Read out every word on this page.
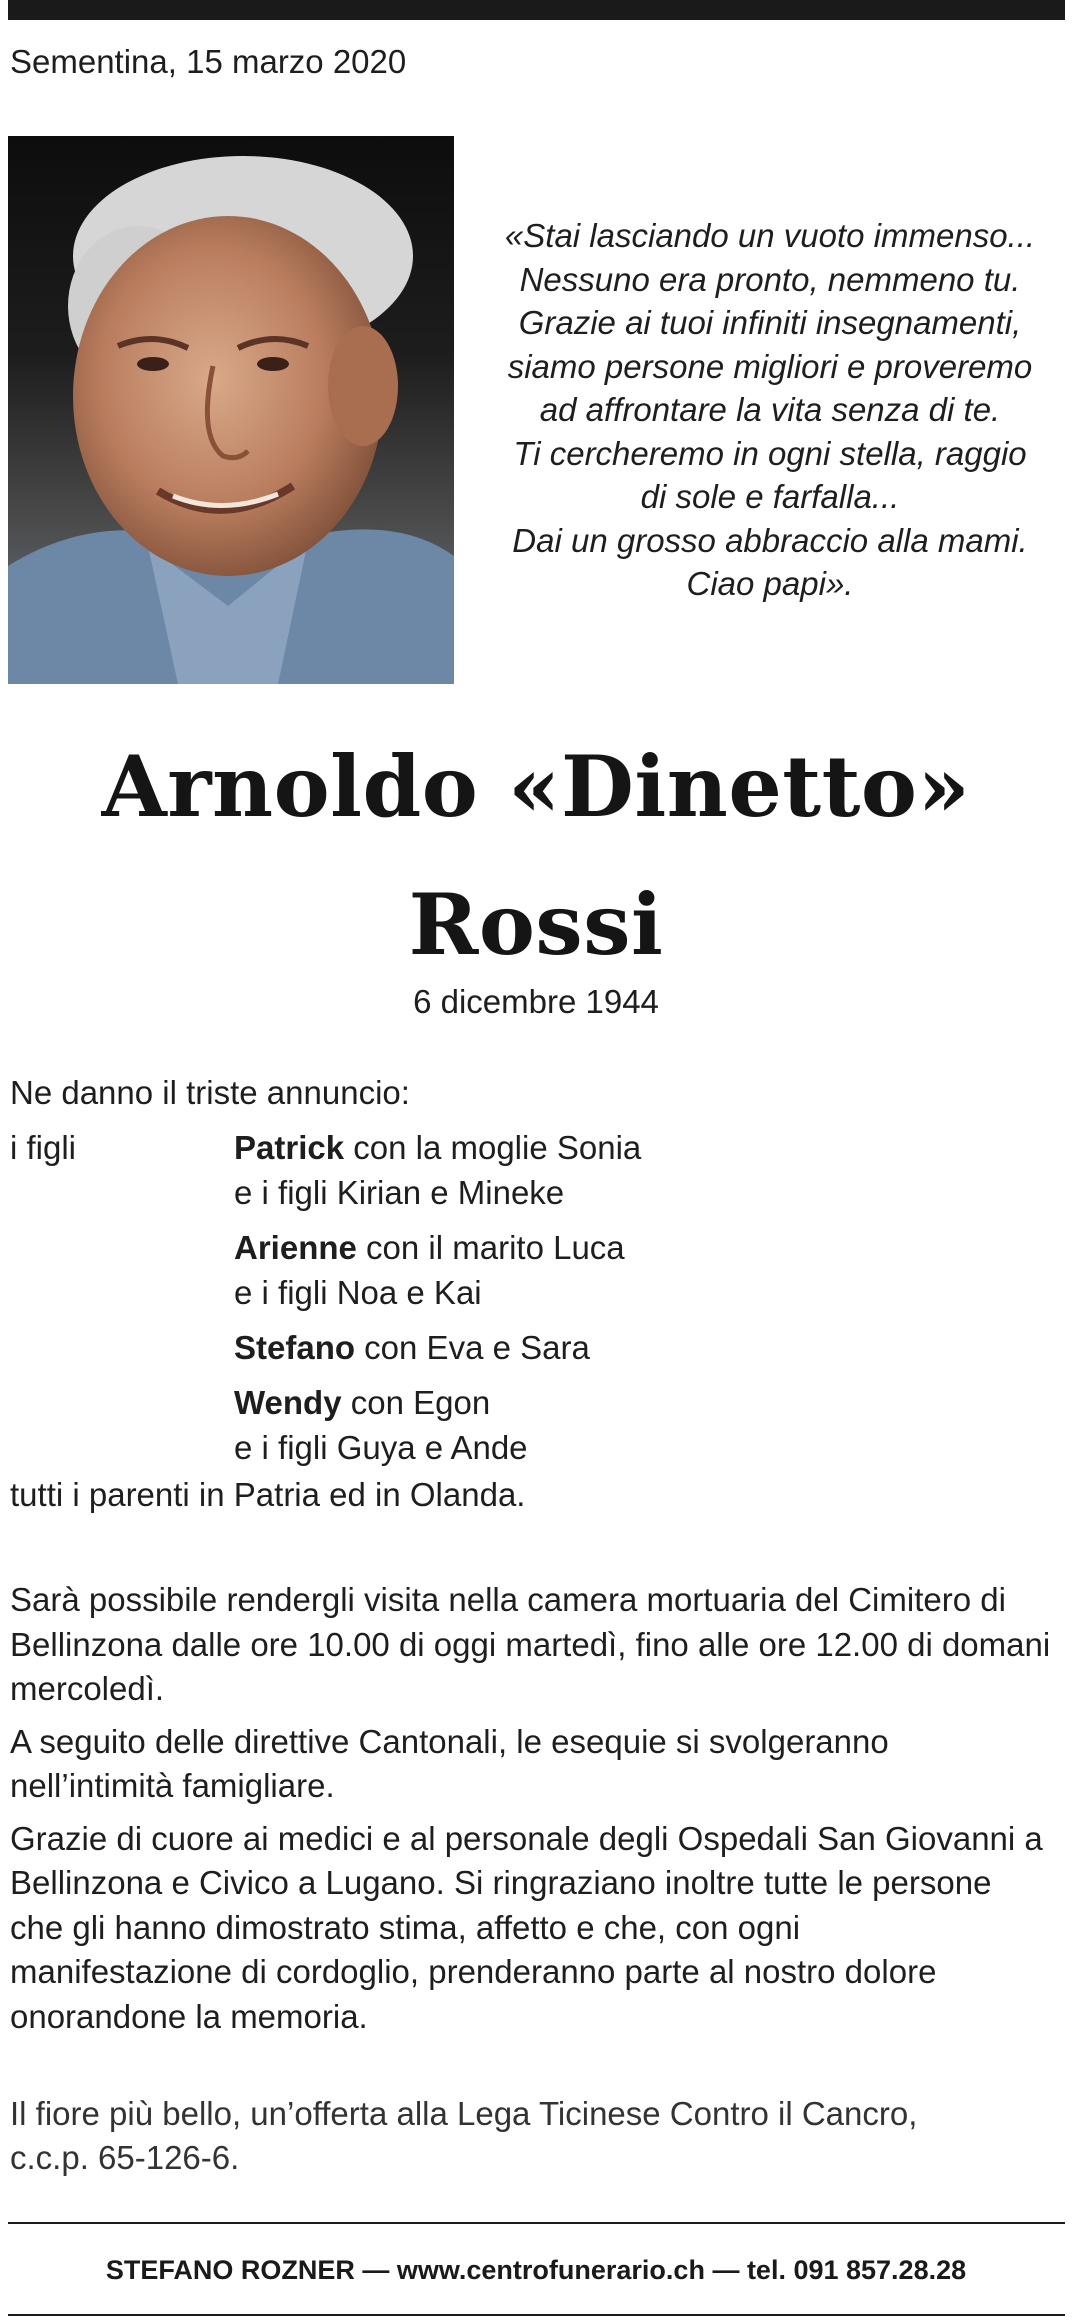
Sementina, 15 marzo 2020
«Stai lasciando un vuoto immenso...
Nessuno era pronto, nemmeno tu.
Grazie ai tuoi infiniti insegnamenti,
siamo persone migliori e proveremo
ad affrontare la vita senza di te.
Ti cercheremo in ogni stella, raggio
di sole e farfalla...
Dai un grosso abbraccio alla mami.
Ciao papi».
Arnoldo «Dinetto»
Rossi
6 dicembre 1944
Ne danno il triste annuncio:
i figli	Patrick con la moglie Sonia
e i figli Kirian e Mineke
Arienne con il marito Luca
e i figli Noa e Kai
Stefano con Eva e Sara
Wendy con Egon
e i figli Guya e Ande
tutti i parenti in Patria ed in Olanda.

Sarà possibile rendergli visita nella camera mortuaria del Cimitero di
Bellinzona dalle ore 10.00 di oggi martedì, fino alle ore 12.00 di domani
mercoledì.

A seguito delle direttive Cantonali, le esequie si svolgeranno
nell’intimità famigliare.

Grazie di cuore ai medici e al personale degli Ospedali San Giovanni a
Bellinzona e Civico a Lugano. Si ringraziano inoltre tutte le persone
che gli hanno dimostrato stima, affetto e che, con ogni
manifestazione di cordoglio, prenderanno parte al nostro dolore
onorandone la memoria.

Il fiore più bello, un’offerta alla Lega Ticinese Contro il Cancro,
c.c.p. 65-126-6.
STEFANO ROZNER — www.centrofunerario.ch — tel. 091 857.28.28
